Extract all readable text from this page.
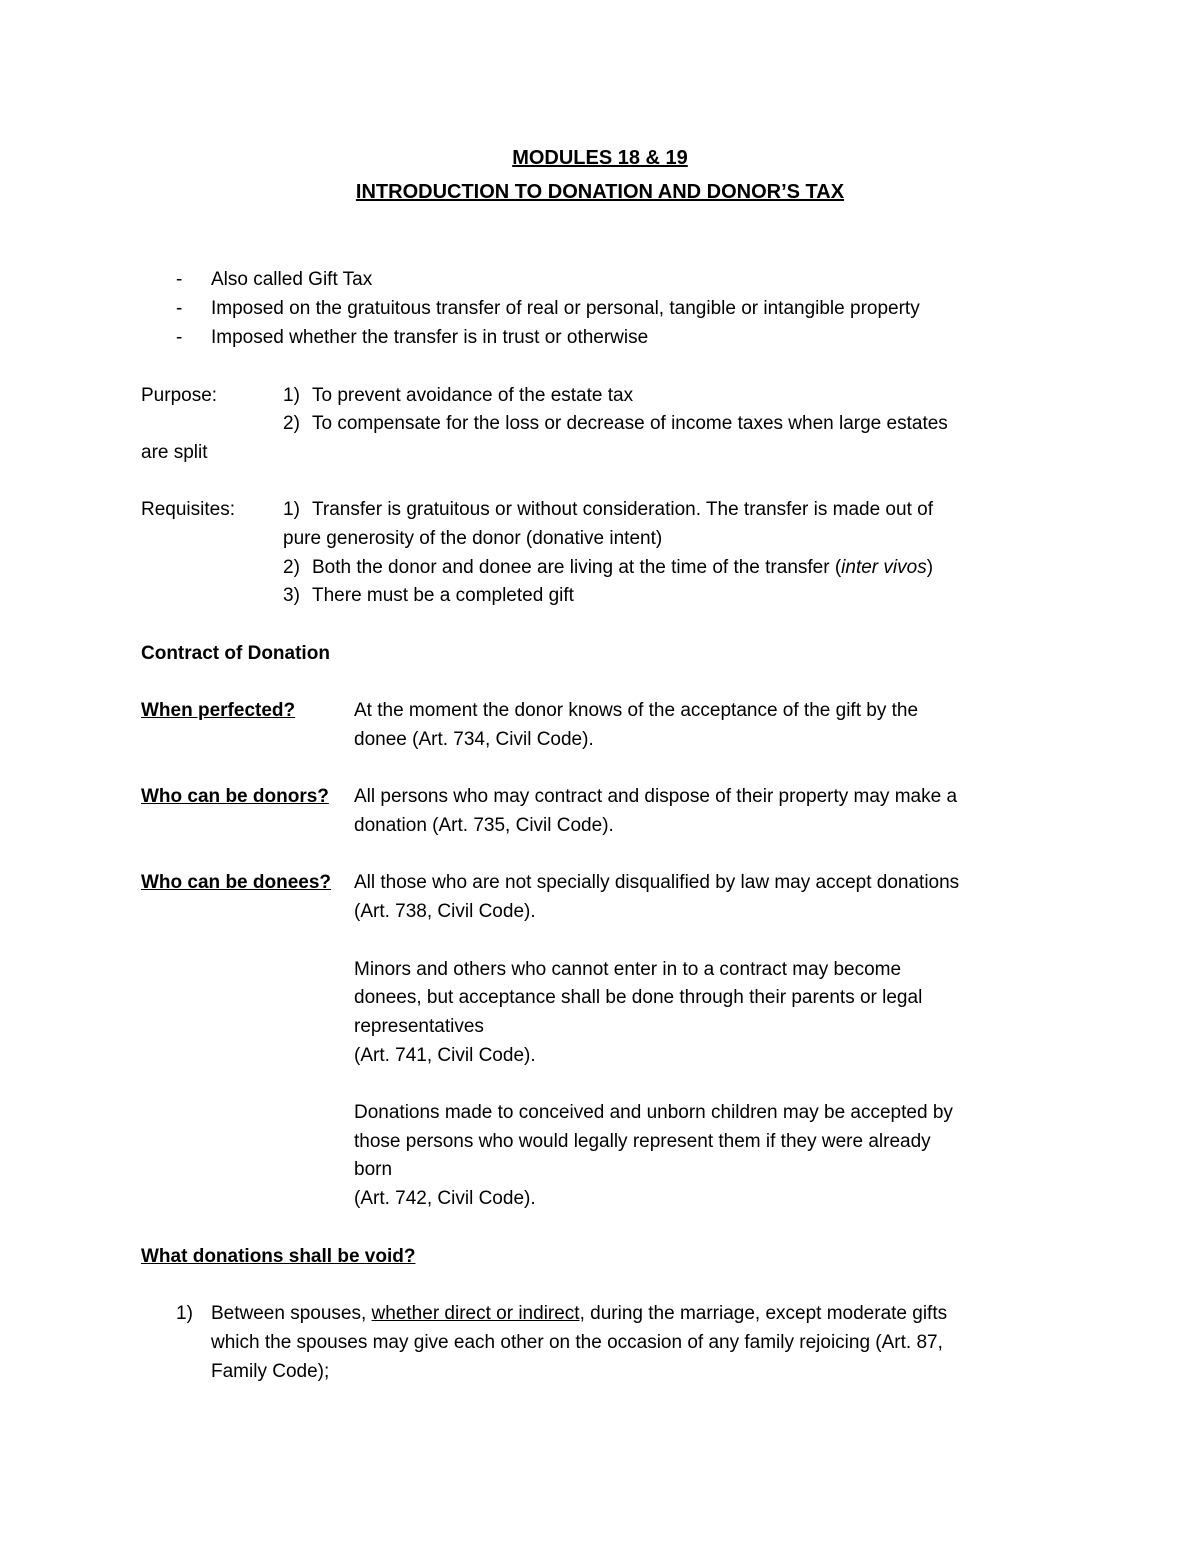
MODULES 18 & 19
INTRODUCTION TO DONATION AND DONOR’S TAX
- Also called Gift Tax
- Imposed on the gratuitous transfer of real or personal, tangible or intangible property
- Imposed whether the transfer is in trust or otherwise
Purpose:	1) To prevent avoidance of the estate tax
2) To compensate for the loss or decrease of income taxes when large estates
are split
Requisites:	1) Transfer is gratuitous or without consideration. The transfer is made out of
pure generosity of the donor (donative intent)
2) Both the donor and donee are living at the time of the transfer (inter vivos)
3) There must be a completed gift
Contract of Donation
When perfected?	At the moment the donor knows of the acceptance of the gift by the
donee (Art. 734, Civil Code).
Who can be donors? All persons who may contract and dispose of their property may make a
donation (Art. 735, Civil Code).
Who can be donees? All those who are not specially disqualified by law may accept donations
(Art. 738, Civil Code).
Minors and others who cannot enter in to a contract may become
donees, but acceptance shall be done through their parents or legal
representatives
(Art. 741, Civil Code).
Donations made to conceived and unborn children may be accepted by
those persons who would legally represent them if they were already
born
(Art. 742, Civil Code).
What donations shall be void?
1) Between spouses, whether direct or indirect, during the marriage, except moderate gifts
which the spouses may give each other on the occasion of any family rejoicing (Art. 87,
Family Code);
